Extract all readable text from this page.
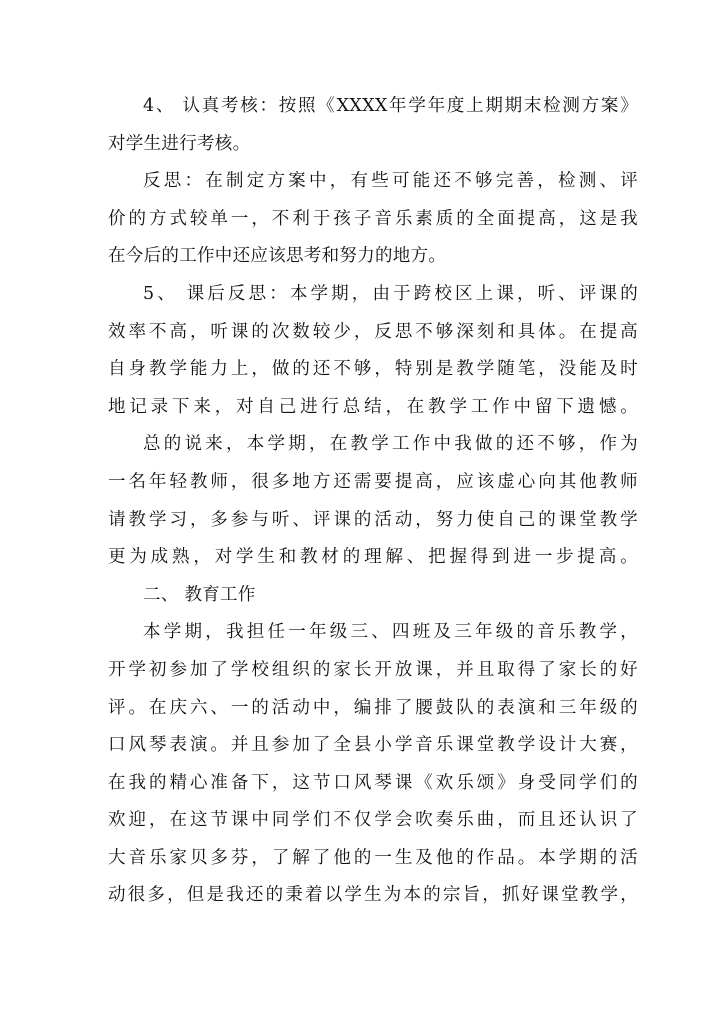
4、 认真考核：按照《XXXX年学年度上期期末检测方案》
对学生进行考核。
反思：在制定方案中，有些可能还不够完善，检测、评
价的方式较单一，不利于孩子音乐素质的全面提高，这是我
在今后的工作中还应该思考和努力的地方。
5、 课后反思：本学期，由于跨校区上课，听、评课的
效率不高，听课的次数较少，反思不够深刻和具体。在提高
自身教学能力上，做的还不够，特别是教学随笔，没能及时
地记录下来，对自己进行总结，在教学工作中留下遗憾。
总的说来，本学期，在教学工作中我做的还不够，作为
一名年轻教师，很多地方还需要提高，应该虚心向其他教师
请教学习，多参与听、评课的活动，努力使自己的课堂教学
更为成熟，对学生和教材的理解、把握得到进一步提高。
二、 教育工作
本学期，我担任一年级三、四班及三年级的音乐教学，
开学初参加了学校组织的家长开放课，并且取得了家长的好
评。在庆六、一的活动中，编排了腰鼓队的表演和三年级的
口风琴表演。并且参加了全县小学音乐课堂教学设计大赛，
在我的精心准备下，这节口风琴课《欢乐颂》身受同学们的
欢迎，在这节课中同学们不仅学会吹奏乐曲，而且还认识了
大音乐家贝多芬，了解了他的一生及他的作品。本学期的活
动很多，但是我还的秉着以学生为本的宗旨，抓好课堂教学，
